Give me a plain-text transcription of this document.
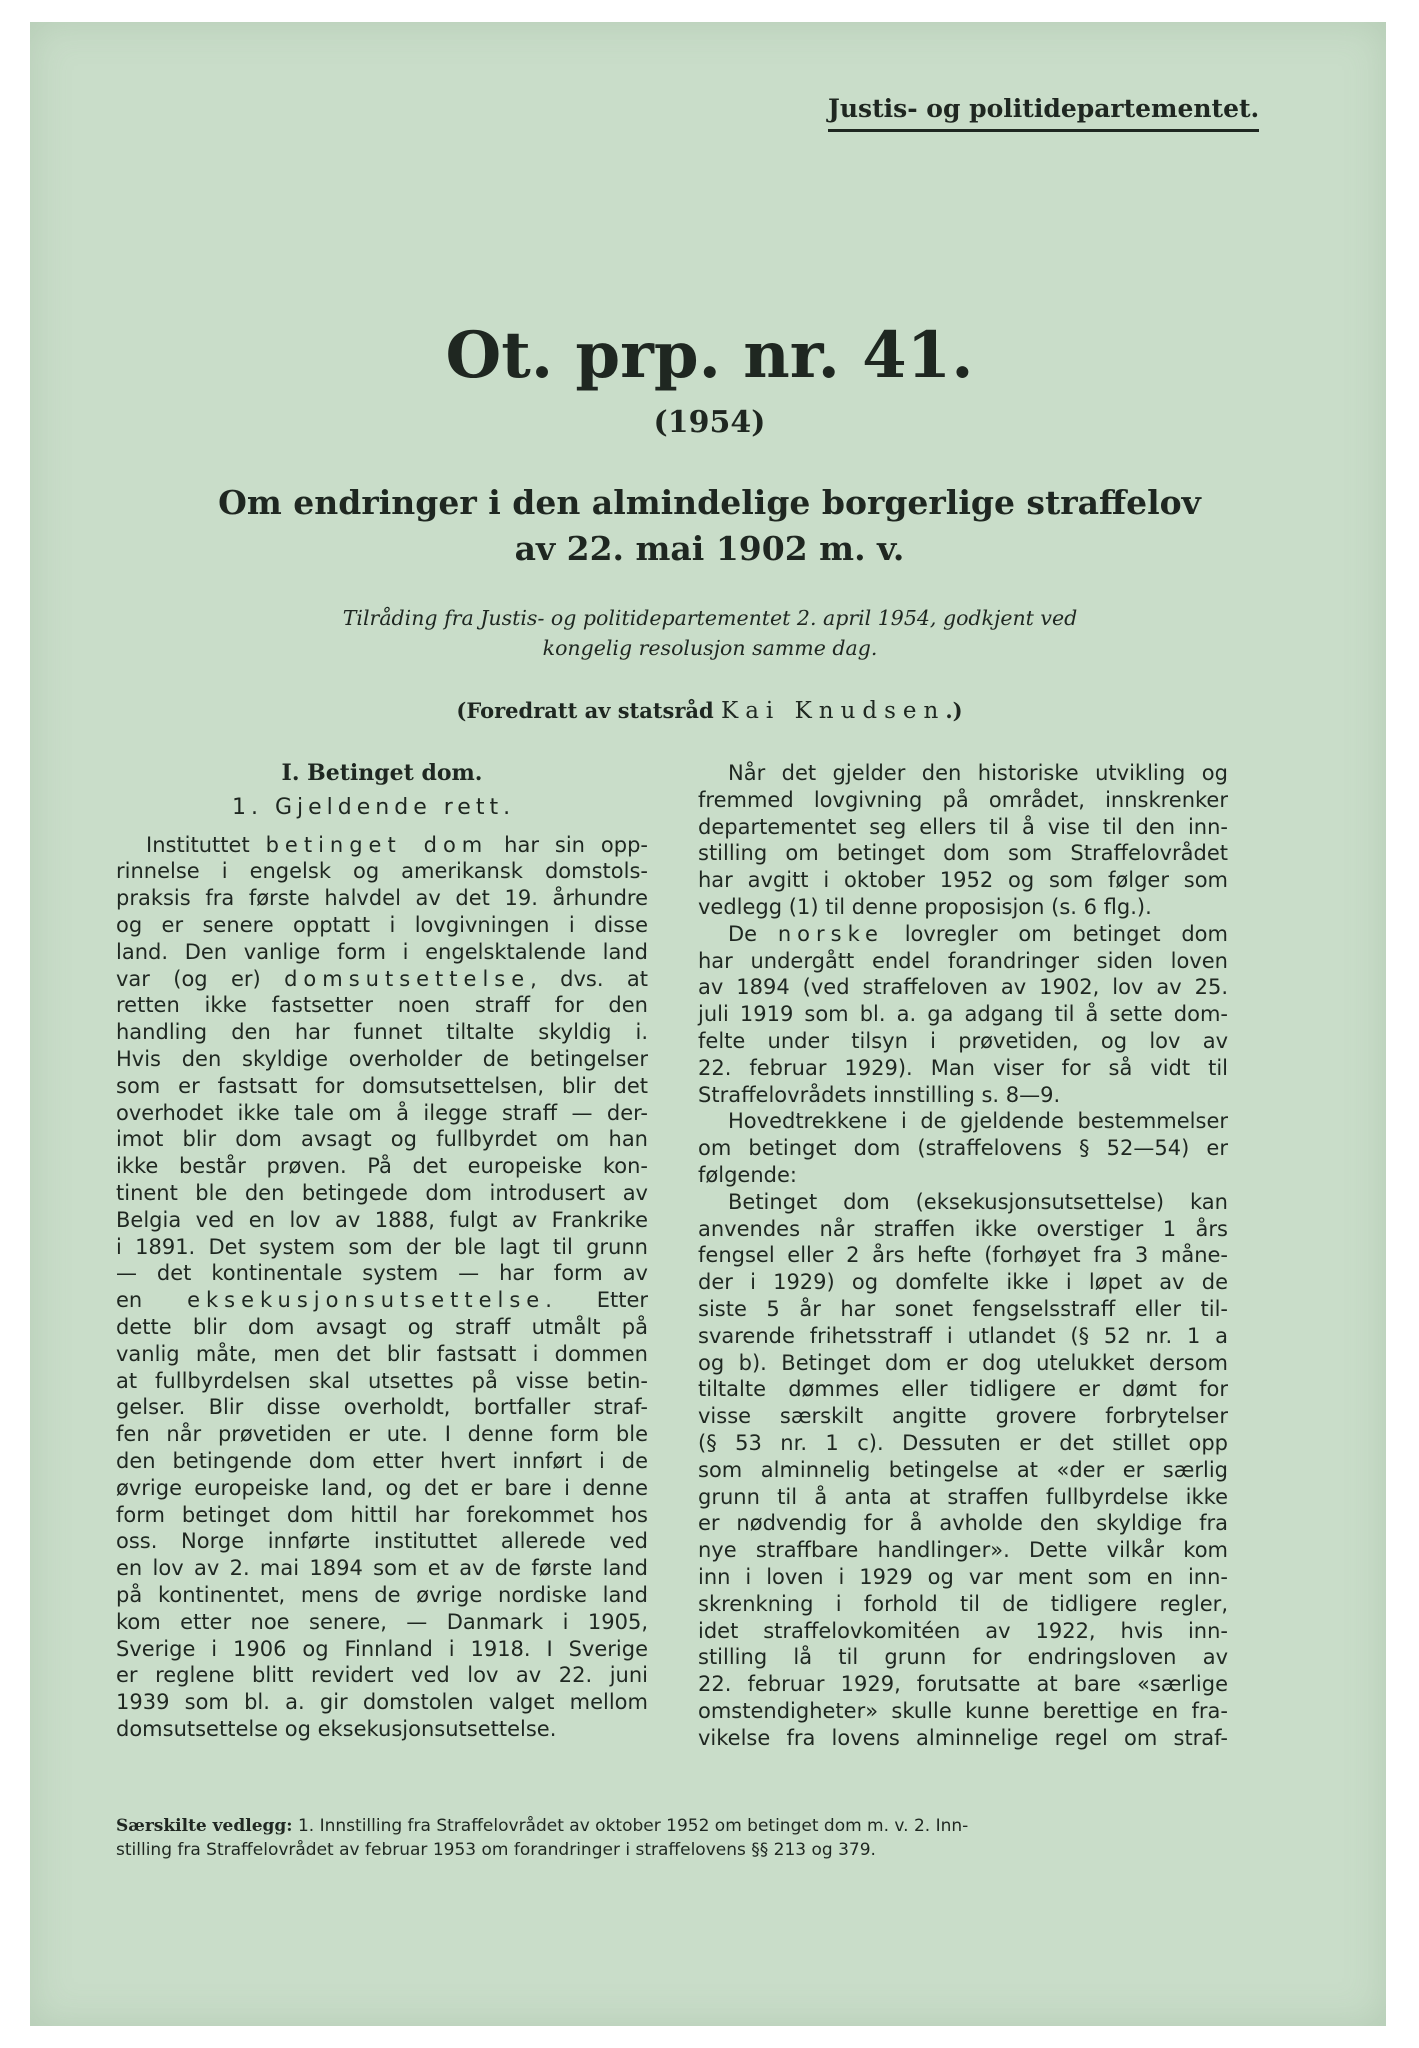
Justis- og politidepartementet.
Ot. prp. nr. 41.
(1954)
Om endringer i den almindelige borgerlige straffelov
av 22. mai 1902 m. v.
Tilråding fra Justis- og politidepartementet 2. april 1954, godkjent ved
kongelig resolusjon samme dag.
(Foredratt av statsråd Kai Knudsen.)
I. Betinget dom.
1. Gjeldende rett.
Instituttet betinget dom har sin opp-
rinnelse i engelsk og amerikansk domstols-
praksis fra første halvdel av det 19. århundre
og er senere opptatt i lovgivningen i disse
land. Den vanlige form i engelsktalende land
var (og er) domsutsettelse, dvs. at
retten ikke fastsetter noen straff for den
handling den har funnet tiltalte skyldig i.
Hvis den skyldige overholder de betingelser
som er fastsatt for domsutsettelsen, blir det
overhodet ikke tale om å ilegge straff — der-
imot blir dom avsagt og fullbyrdet om han
ikke består prøven. På det europeiske kon-
tinent ble den betingede dom introdusert av
Belgia ved en lov av 1888, fulgt av Frankrike
i 1891. Det system som der ble lagt til grunn
— det kontinentale system — har form av
en eksekusjonsutsettelse. Etter
dette blir dom avsagt og straff utmålt på
vanlig måte, men det blir fastsatt i dommen
at fullbyrdelsen skal utsettes på visse betin-
gelser. Blir disse overholdt, bortfaller straf-
fen når prøvetiden er ute. I denne form ble
den betingende dom etter hvert innført i de
øvrige europeiske land, og det er bare i denne
form betinget dom hittil har forekommet hos
oss. Norge innførte instituttet allerede ved
en lov av 2. mai 1894 som et av de første land
på kontinentet, mens de øvrige nordiske land
kom etter noe senere, — Danmark i 1905,
Sverige i 1906 og Finnland i 1918. I Sverige
er reglene blitt revidert ved lov av 22. juni
1939 som bl. a. gir domstolen valget mellom
domsutsettelse og eksekusjonsutsettelse.
Når det gjelder den historiske utvikling og
fremmed lovgivning på området, innskrenker
departementet seg ellers til å vise til den inn-
stilling om betinget dom som Straffelovrådet
har avgitt i oktober 1952 og som følger som
vedlegg (1) til denne proposisjon (s. 6 flg.).
De norske lovregler om betinget dom
har undergått endel forandringer siden loven
av 1894 (ved straffeloven av 1902, lov av 25.
juli 1919 som bl. a. ga adgang til å sette dom-
felte under tilsyn i prøvetiden, og lov av
22. februar 1929). Man viser for så vidt til
Straffelovrådets innstilling s. 8—9.
Hovedtrekkene i de gjeldende bestemmelser
om betinget dom (straffelovens § 52—54) er
følgende:
Betinget dom (eksekusjonsutsettelse) kan
anvendes når straffen ikke overstiger 1 års
fengsel eller 2 års hefte (forhøyet fra 3 måne-
der i 1929) og domfelte ikke i løpet av de
siste 5 år har sonet fengselsstraff eller til-
svarende frihetsstraff i utlandet (§ 52 nr. 1 a
og b). Betinget dom er dog utelukket dersom
tiltalte dømmes eller tidligere er dømt for
visse særskilt angitte grovere forbrytelser
(§ 53 nr. 1 c). Dessuten er det stillet opp
som alminnelig betingelse at «der er særlig
grunn til å anta at straffen fullbyrdelse ikke
er nødvendig for å avholde den skyldige fra
nye straffbare handlinger». Dette vilkår kom
inn i loven i 1929 og var ment som en inn-
skrenkning i forhold til de tidligere regler,
idet straffelovkomitéen av 1922, hvis inn-
stilling lå til grunn for endringsloven av
22. februar 1929, forutsatte at bare «særlige
omstendigheter» skulle kunne berettige en fra-
vikelse fra lovens alminnelige regel om straf-
Særskilte vedlegg: 1. Innstilling fra Straffelovrådet av oktober 1952 om betinget dom m. v. 2. Inn-
stilling fra Straffelovrådet av februar 1953 om forandringer i straffelovens §§ 213 og 379.
